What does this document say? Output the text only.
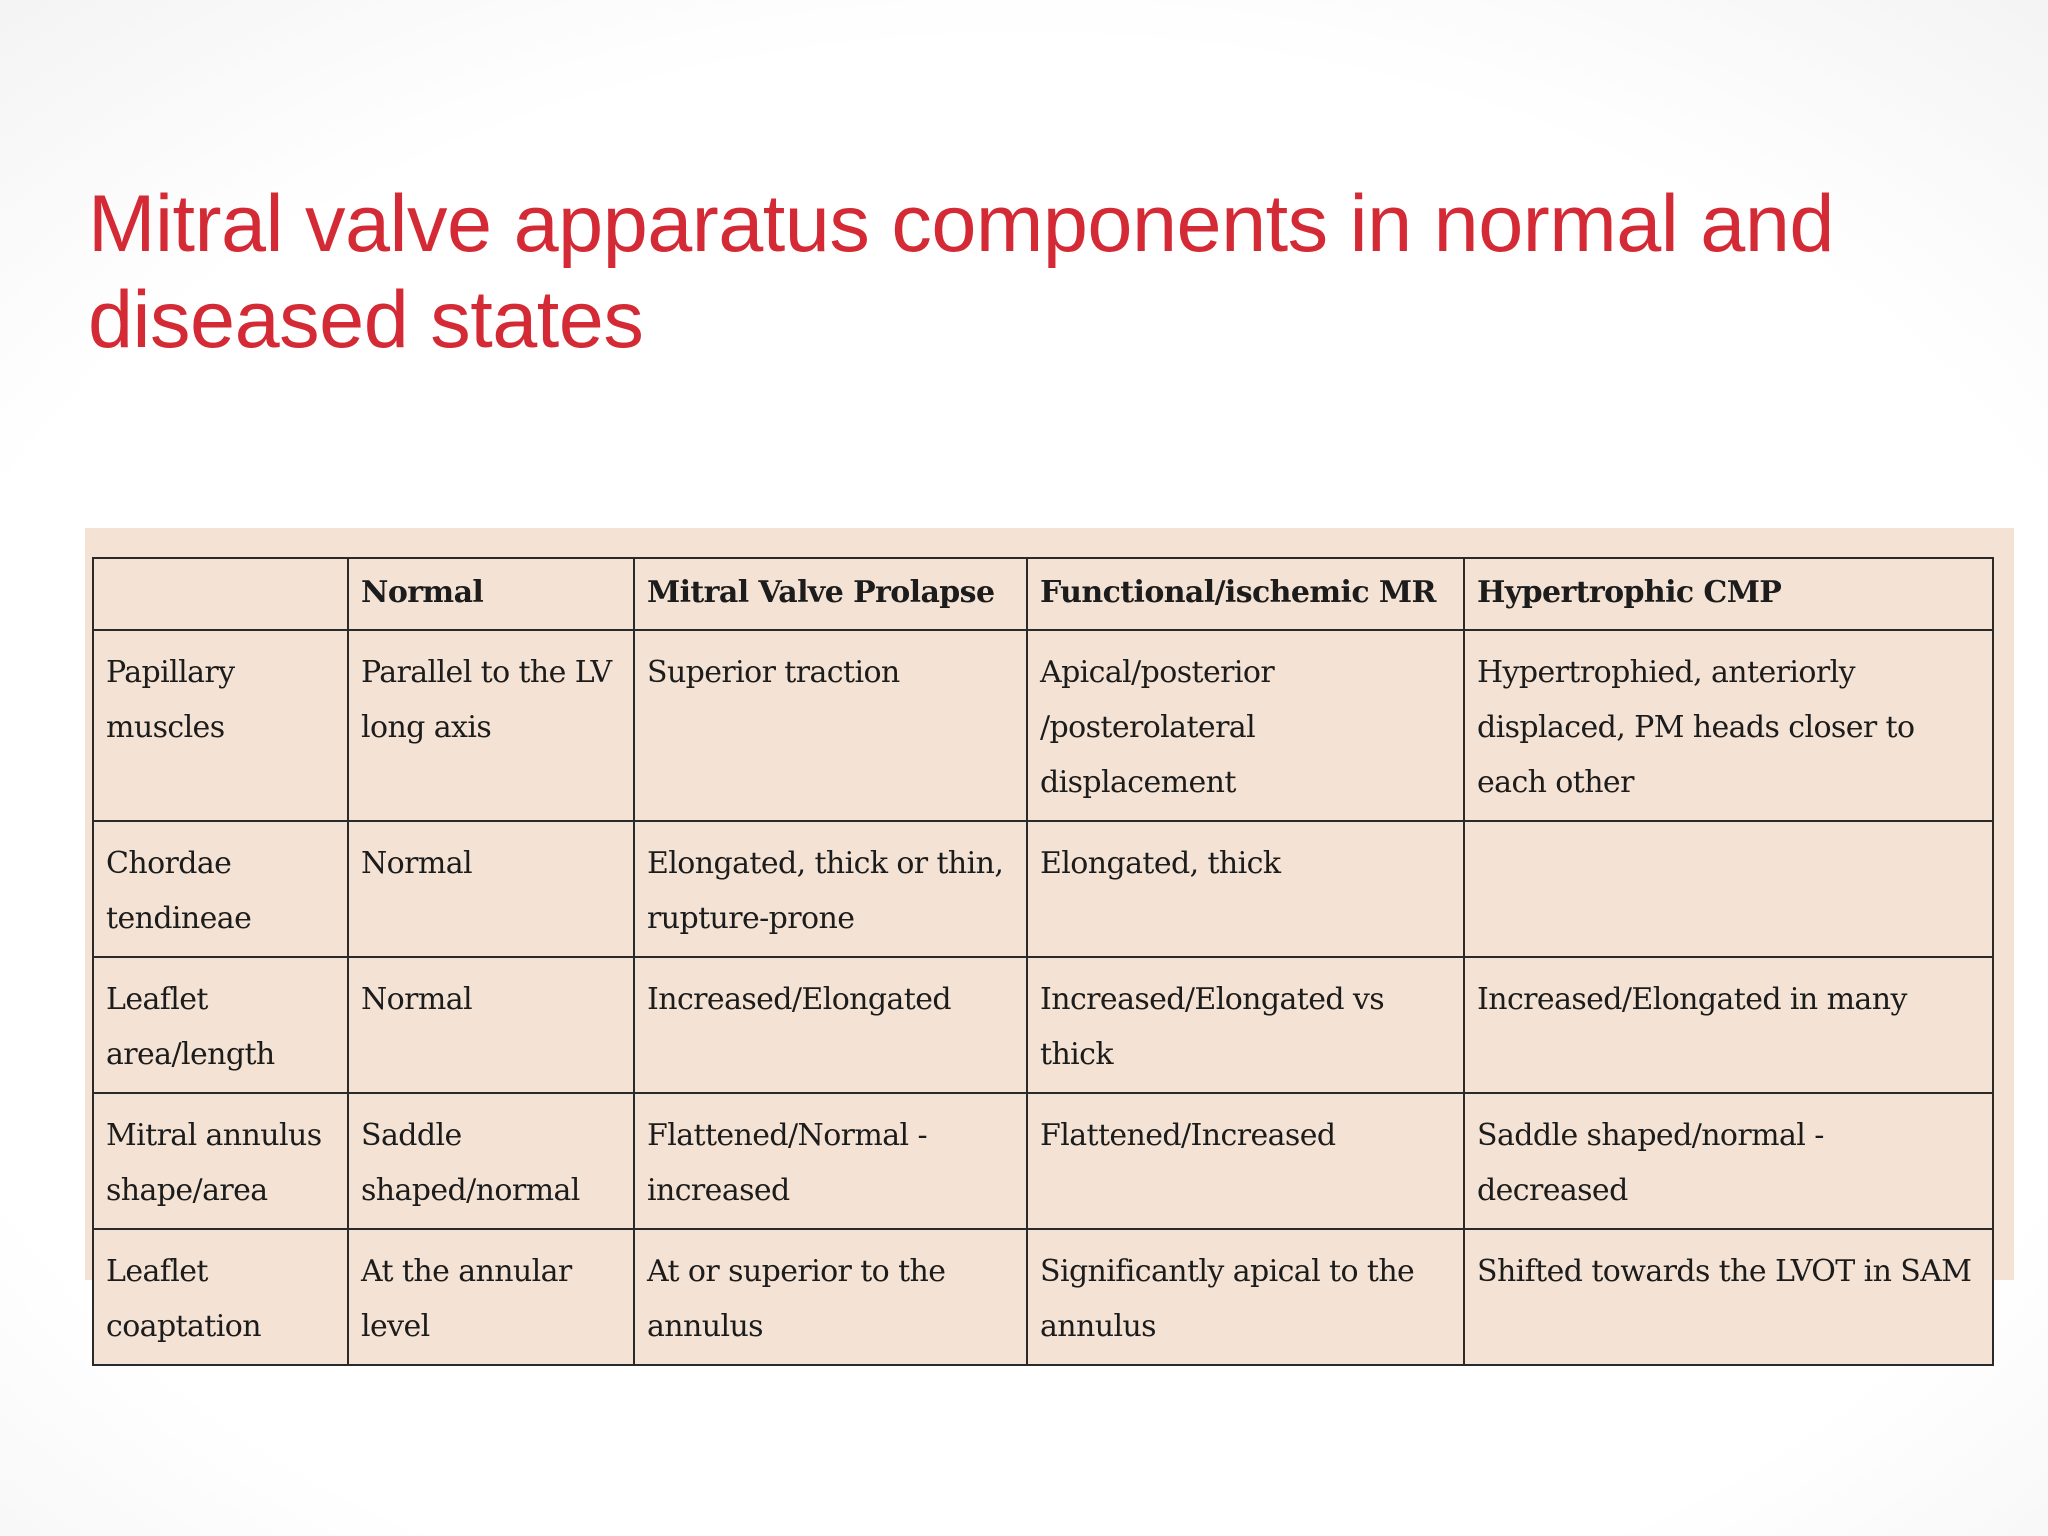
Mitral valve apparatus components in normal and diseased states
	Normal	Mitral Valve Prolapse	Functional/ischemic MR	Hypertrophic CMP
Papillary muscles	Parallel to the LV long axis	Superior traction	Apical/posterior /posterolateral displacement	Hypertrophied, anteriorly displaced, PM heads closer to each other
Chordae tendineae	Normal	Elongated, thick or thin, rupture-prone	Elongated, thick	
Leaflet area/length	Normal	Increased/Elongated	Increased/Elongated vs thick	Increased/Elongated in many
Mitral annulus shape/area	Saddle shaped/normal	Flattened/Normal - increased	Flattened/Increased	Saddle shaped/normal - decreased
Leaflet coaptation	At the annular level	At or superior to the annulus	Significantly apical to the annulus	Shifted towards the LVOT in SAM
